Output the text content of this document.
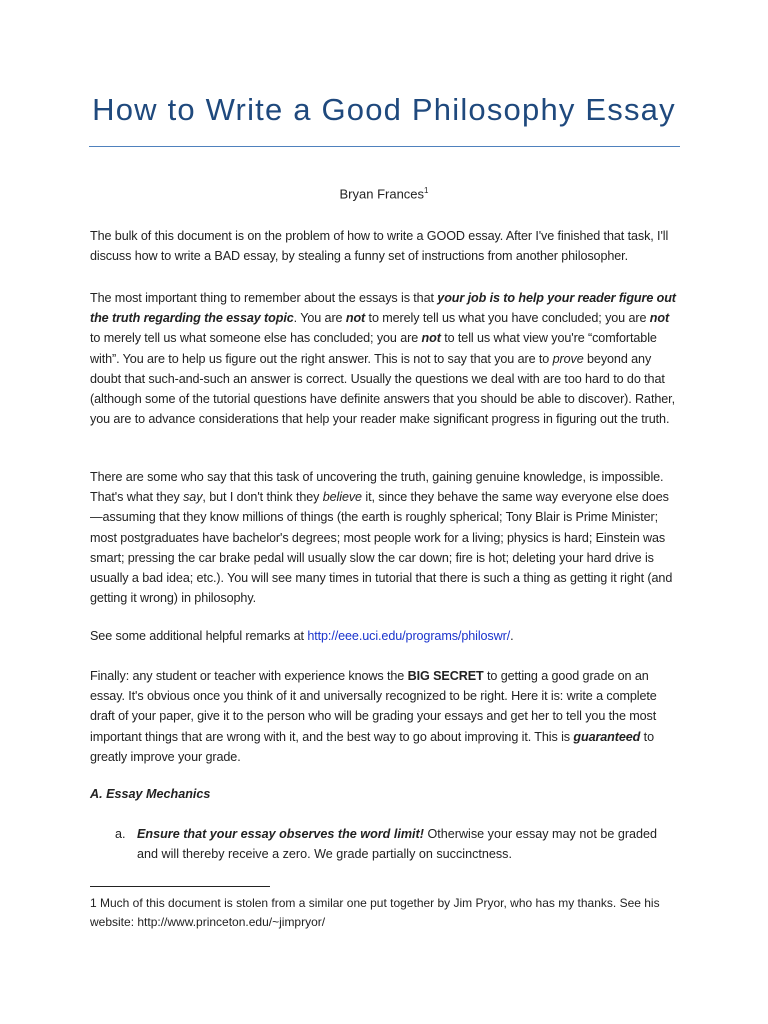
How to Write a Good Philosophy Essay
Bryan Frances$^1$

The bulk of this document is on the problem of how to write a GOOD essay. After I've finished that task, I'll discuss how to write a BAD essay, by stealing a funny set of instructions from another philosopher.

The most important thing to remember about the essays is that your job is to help your reader figure out the truth regarding the essay topic. You are not to merely tell us what you have concluded; you are not to merely tell us what someone else has concluded; you are not to tell us what view you're “comfortable with”. You are to help us figure out the right answer. This is not to say that you are to prove beyond any doubt that such-and-such an answer is correct. Usually the questions we deal with are too hard to do that (although some of the tutorial questions have definite answers that you should be able to discover). Rather, you are to advance considerations that help your reader make significant progress in figuring out the truth.

There are some who say that this task of uncovering the truth, gaining genuine knowledge, is impossible. That's what they say, but I don't think they believe it, since they behave the same way everyone else does—assuming that they know millions of things (the earth is roughly spherical; Tony Blair is Prime Minister; most postgraduates have bachelor's degrees; most people work for a living; physics is hard; Einstein was smart; pressing the car brake pedal will usually slow the car down; fire is hot; deleting your hard drive is usually a bad idea; etc.). You will see many times in tutorial that there is such a thing as getting it right (and getting it wrong) in philosophy.

See some additional helpful remarks at http://eee.uci.edu/programs/philoswr/.

Finally: any student or teacher with experience knows the BIG SECRET to getting a good grade on an essay. It's obvious once you think of it and universally recognized to be right. Here it is: write a complete draft of your paper, give it to the person who will be grading your essays and get her to tell you the most important things that are wrong with it, and the best way to go about improving it. This is guaranteed to greatly improve your grade.

A. Essay Mechanics
a. Ensure that your essay observes the word limit! Otherwise your essay may not be graded and will thereby receive a zero. We grade partially on succinctness.

1 Much of this document is stolen from a similar one put together by Jim Pryor, who has my thanks. See his website: http://www.princeton.edu/~jimpryor/
